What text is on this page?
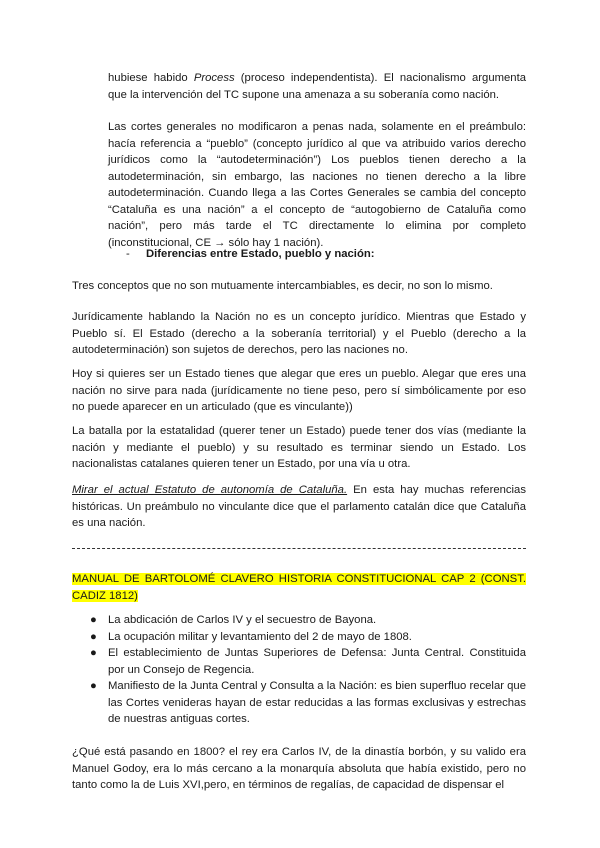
hubiese habido Process (proceso independentista). El nacionalismo argumenta que la intervención del TC supone una amenaza a su soberanía como nación.

Las cortes generales no modificaron a penas nada, solamente en el preámbulo: hacía referencia a “pueblo” (concepto jurídico al que va atribuido varios derecho jurídicos como la “autodeterminación”) Los pueblos tienen derecho a la autodeterminación, sin embargo, las naciones no tienen derecho a la libre autodeterminación. Cuando llega a las Cortes Generales se cambia del concepto “Cataluña es una nación” a el concepto de “autogobierno de Cataluña como nación”, pero más tarde el TC directamente lo elimina por completo (inconstitucional, CE → sólo hay 1 nación).

- Diferencias entre Estado, pueblo y nación:

Tres conceptos que no son mutuamente intercambiables, es decir, no son lo mismo.

Jurídicamente hablando la Nación no es un concepto jurídico. Mientras que Estado y Pueblo sí. El Estado (derecho a la soberanía territorial) y el Pueblo (derecho a la autodeterminación) son sujetos de derechos, pero las naciones no.

Hoy si quieres ser un Estado tienes que alegar que eres un pueblo. Alegar que eres una nación no sirve para nada (jurídicamente no tiene peso, pero sí simbólicamente por eso no puede aparecer en un articulado (que es vinculante))

La batalla por la estatalidad (querer tener un Estado) puede tener dos vías (mediante la nación y mediante el pueblo) y su resultado es terminar siendo un Estado. Los nacionalistas catalanes quieren tener un Estado, por una vía u otra.

Mirar el actual Estatuto de autonomía de Cataluña. En esta hay muchas referencias históricas. Un preámbulo no vinculante dice que el parlamento catalán dice que Cataluña es una nación.

MANUAL DE BARTOLOMÉ CLAVERO HISTORIA CONSTITUCIONAL CAP 2 (CONST. CADIZ 1812)

● La abdicación de Carlos IV y el secuestro de Bayona.
● La ocupación militar y levantamiento del 2 de mayo de 1808.
● El establecimiento de Juntas Superiores de Defensa: Junta Central. Constituida por un Consejo de Regencia.
● Manifiesto de la Junta Central y Consulta a la Nación: es bien superfluo recelar que las Cortes venideras hayan de estar reducidas a las formas exclusivas y estrechas de nuestras antiguas cortes.

¿Qué está pasando en 1800? el rey era Carlos IV, de la dinastía borbón, y su valido era Manuel Godoy, era lo más cercano a la monarquía absoluta que había existido, pero no tanto como la de Luis XVI,pero, en términos de regalías, de capacidad de dispensar el
